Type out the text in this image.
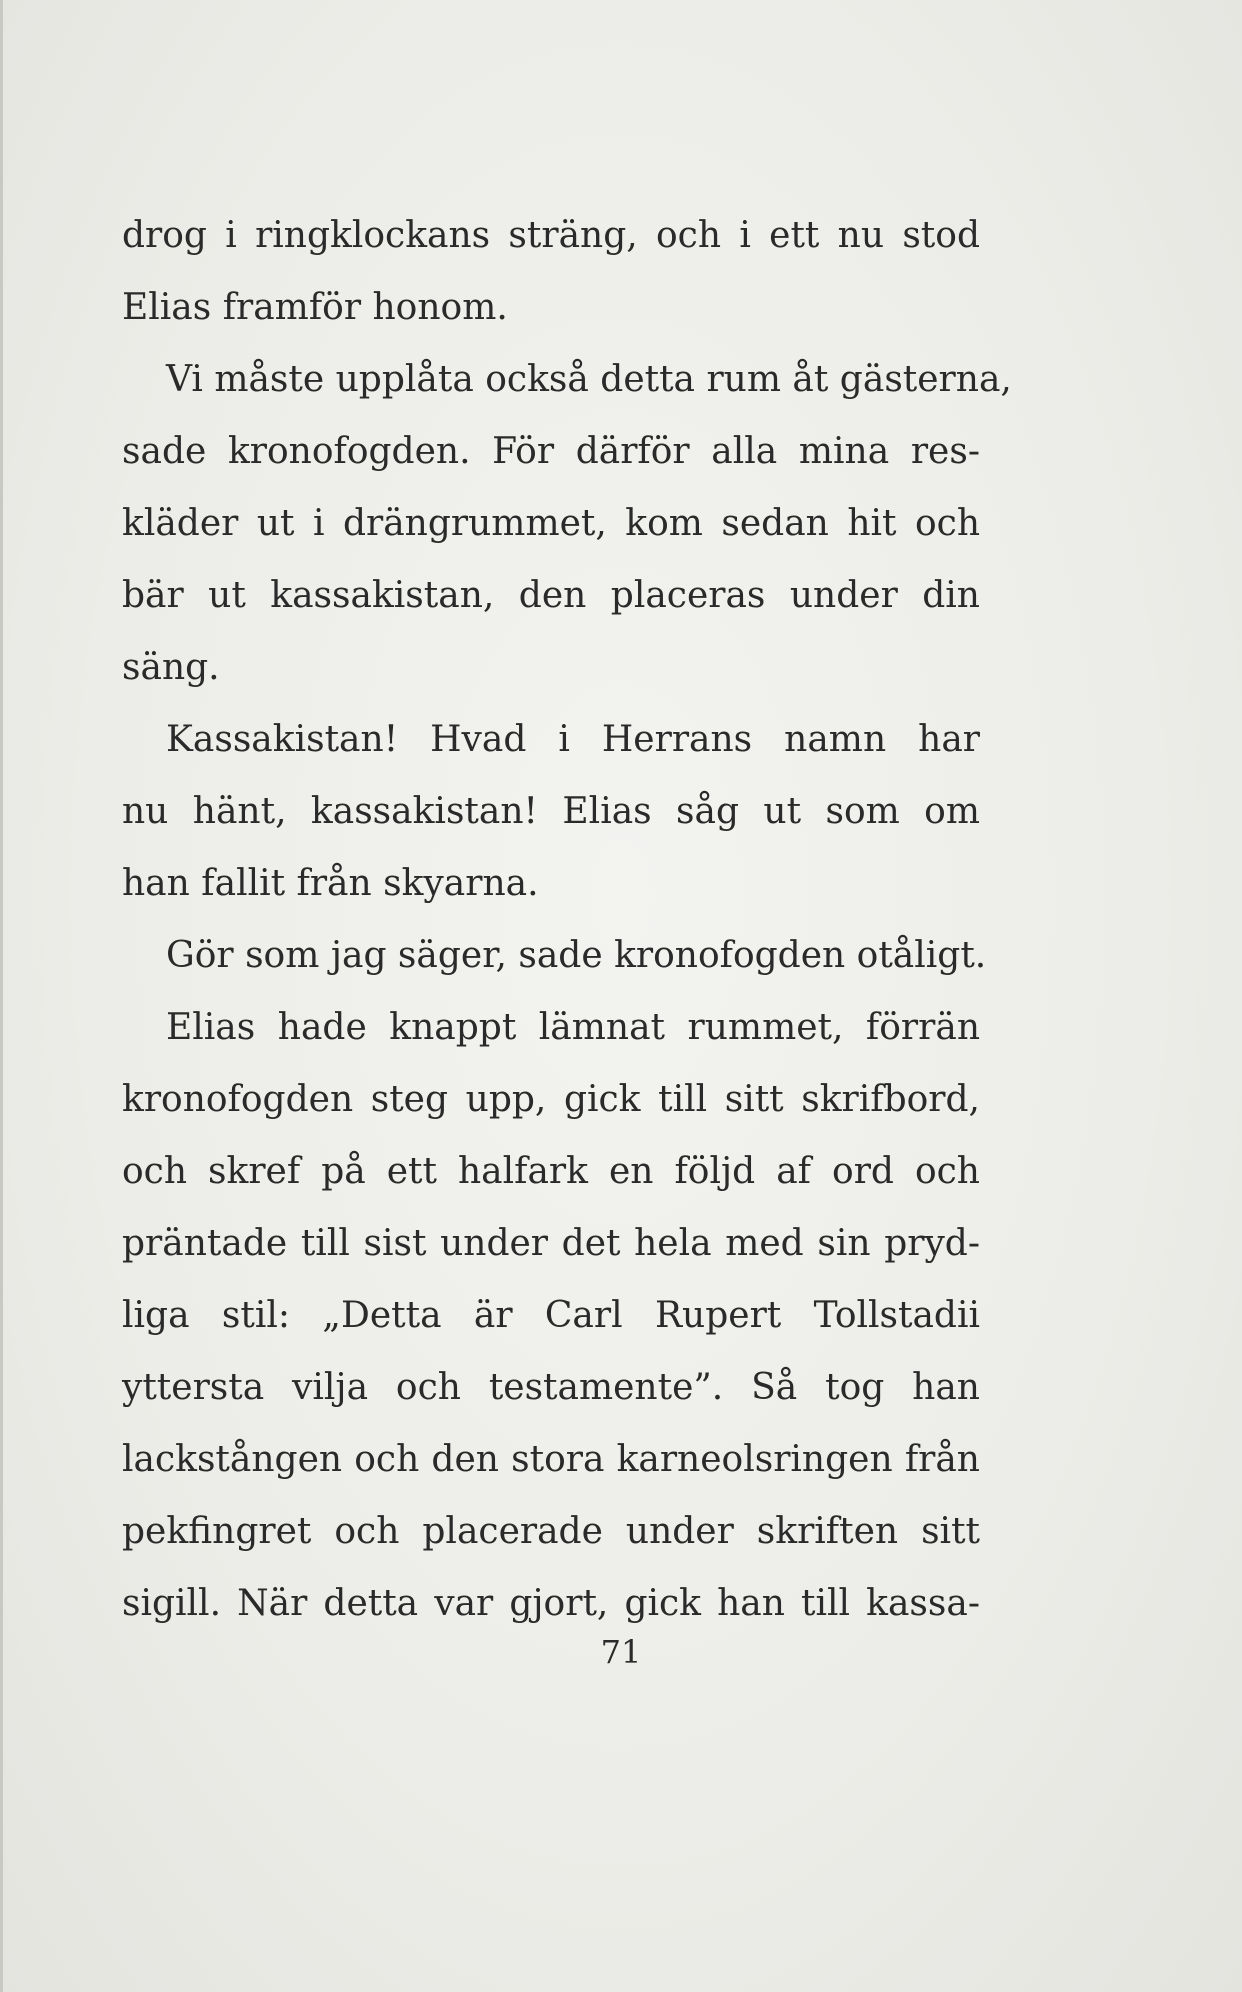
drog i ringklockans sträng, och i ett nu stod
Elias framför honom.
Vi måste upplåta också detta rum åt gästerna,
sade kronofogden. För därför alla mina res-
kläder ut i drängrummet, kom sedan hit och
bär ut kassakistan, den placeras under din
säng.
Kassakistan! Hvad i Herrans namn har
nu hänt, kassakistan! Elias såg ut som om
han fallit från skyarna.
Gör som jag säger, sade kronofogden otåligt.
Elias hade knappt lämnat rummet, förrän
kronofogden steg upp, gick till sitt skrifbord,
och skref på ett halfark en följd af ord och
präntade till sist under det hela med sin pryd-
liga stil: „Detta är Carl Rupert Tollstadii
yttersta vilja och testamente”. Så tog han
lackstången och den stora karneolsringen från
pekfingret och placerade under skriften sitt
sigill. När detta var gjort, gick han till kassa-
71
